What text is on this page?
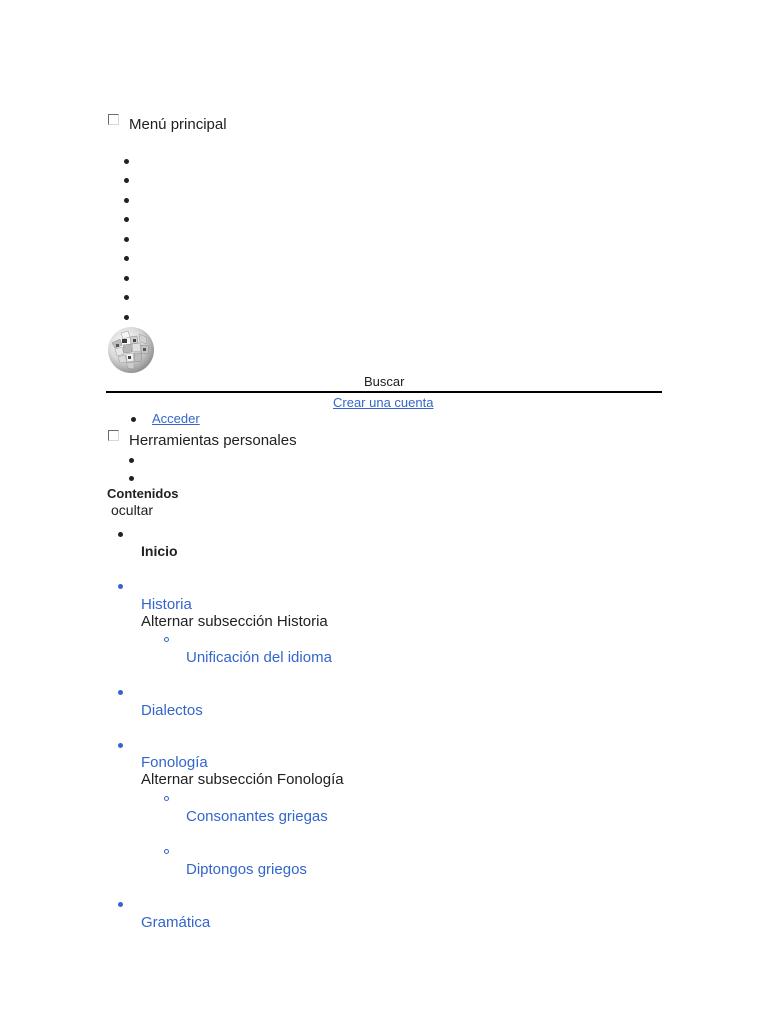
Menú principal
Buscar
Crear una cuenta
Acceder
Herramientas personales
Contenidos
ocultar
Inicio
Historia
Alternar subsección Historia
Unificación del idioma
Dialectos
Fonología
Alternar subsección Fonología
Consonantes griegas
Diptongos griegos
Gramática
